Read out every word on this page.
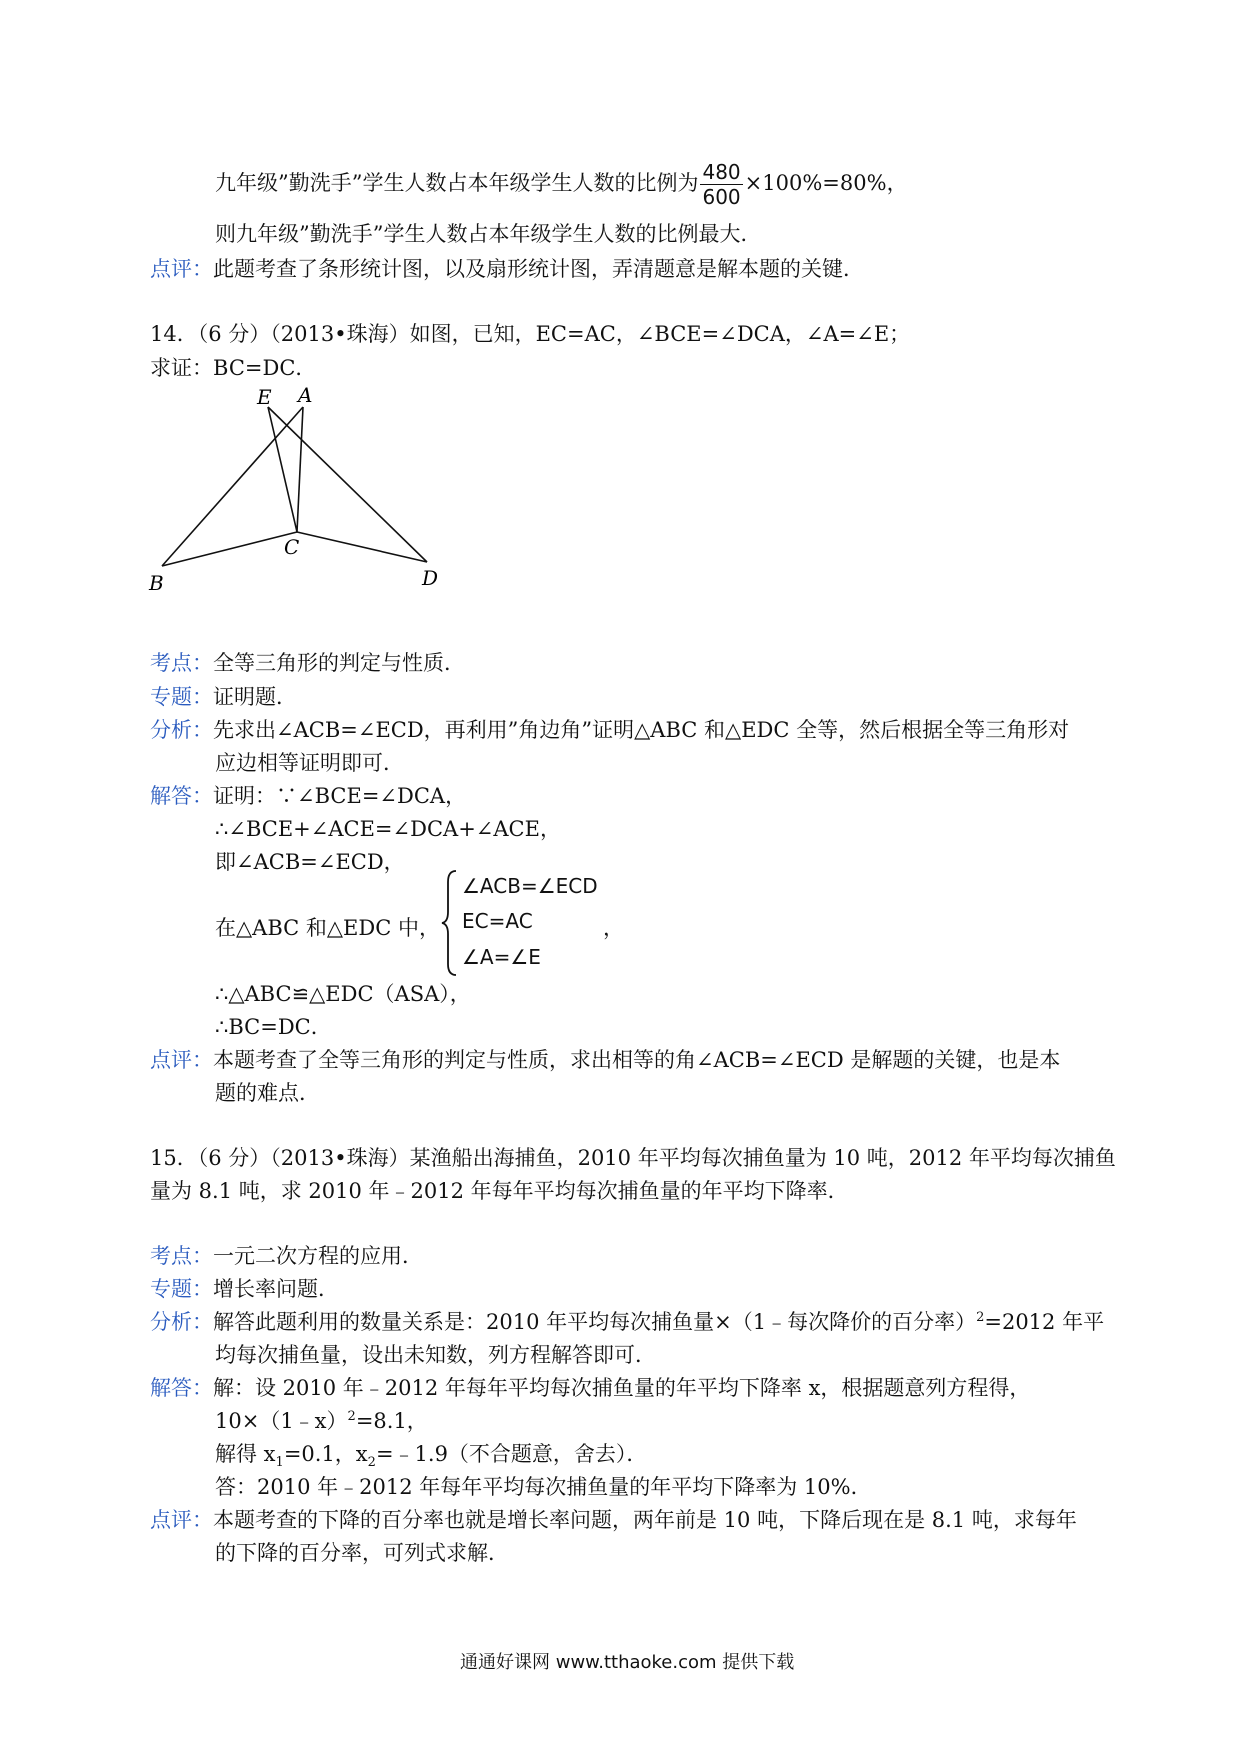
九年级”勤洗手”学生人数占本年级学生人数的比例为 $\frac{480}{600} \times 100\%=80\%$，
则九年级”勤洗手”学生人数占本年级学生人数的比例最大．
点评：此题考查了条形统计图，以及扇形统计图，弄清题意是解本题的关键．
14．（6 分）（2013•珠海）如图，已知，EC=AC，∠BCE=∠DCA，∠A=∠E；
求证：BC=DC．
E A
C
B	D
考点：全等三角形的判定与性质．
专题：证明题．
分析：先求出∠ACB=∠ECD，再利用”角边角”证明△ABC 和△EDC 全等，然后根据全等三角形对
应边相等证明即可．
解答：证明：∵∠BCE=∠DCA，
∴∠BCE+∠ACE=∠DCA+∠ACE，
即∠ACB=∠ECD，
在△ABC 和△EDC 中，
∠ACB=∠ECD
EC=AC
∠A=∠E
，
∴△ABC≌△EDC（ASA），
∴BC=DC．
点评：本题考查了全等三角形的判定与性质，求出相等的角∠ACB=∠ECD 是解题的关键，也是本
题的难点．
15．（6 分）（2013•珠海）某渔船出海捕鱼，2010 年平均每次捕鱼量为 10 吨，2012 年平均每次捕鱼
量为 8.1 吨，求 2010 年﹣2012 年每年平均每次捕鱼量的年平均下降率．
考点：一元二次方程的应用．
专题：增长率问题．
分析：解答此题利用的数量关系是：2010 年平均每次捕鱼量×（1﹣每次降价的百分率）$^2$=2012 年平
均每次捕鱼量，设出未知数，列方程解答即可．
解答：解：设 2010 年﹣2012 年每年平均每次捕鱼量的年平均下降率 x，根据题意列方程得，
10×（1﹣x）$^2$=8.1，
解得 $x_1=0.1$，$x_2=﹣1.9$（不合题意，舍去）．
答：2010 年﹣2012 年每年平均每次捕鱼量的年平均下降率为 10%．
点评：本题考查的下降的百分率也就是增长率问题，两年前是 10 吨，下降后现在是 8.1 吨，求每年
的下降的百分率，可列式求解．
通通好课网 www.tthaoke.com 提供下载
